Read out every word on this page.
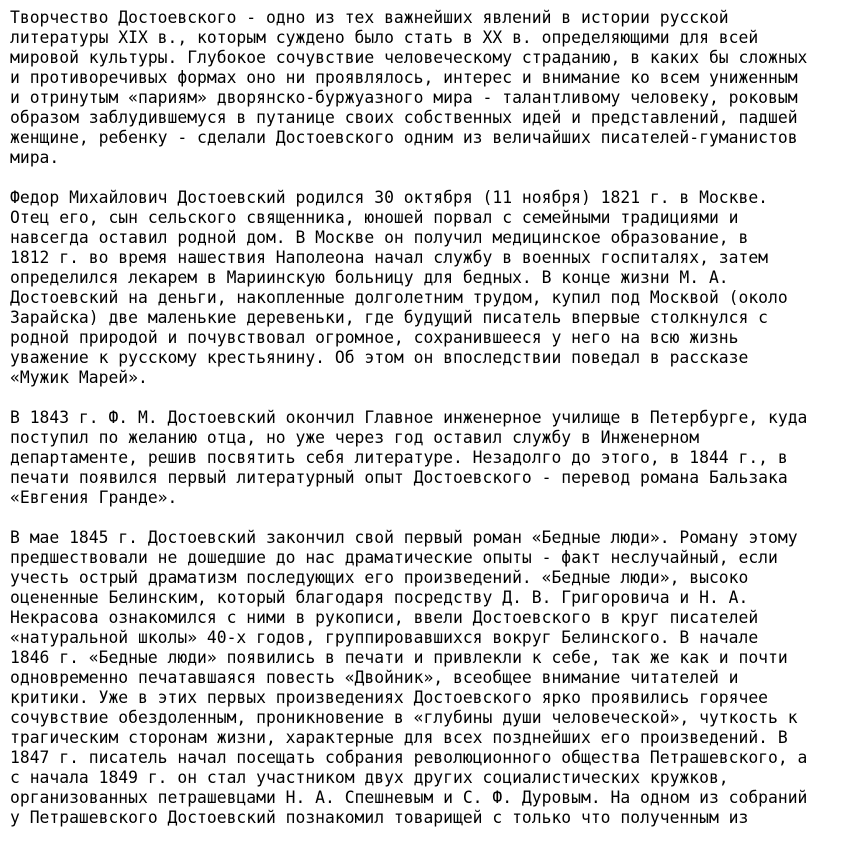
Творчество Достоевского - одно из тех важнейших явлений в истории русской
литературы XIX в., которым суждено было стать в XX в. определяющими для всей
мировой культуры. Глубокое сочувствие человеческому страданию, в каких бы сложных
и противоречивых формах оно ни проявлялось, интерес и внимание ко всем униженным
и отринутым «париям» дворянско-буржуазного мира - талантливому человеку, роковым
образом заблудившемуся в путанице своих собственных идей и представлений, падшей
женщине, ребенку - сделали Достоевского одним из величайших писателей-гуманистов
мира.
Федор Михайлович Достоевский родился 30 октября (11 ноября) 1821 г. в Москве.
Отец его, сын сельского священника, юношей порвал с семейными традициями и
навсегда оставил родной дом. В Москве он получил медицинское образование, в
1812 г. во время нашествия Наполеона начал службу в военных госпиталях, затем
определился лекарем в Мариинскую больницу для бедных. В конце жизни М. А.
Достоевский на деньги, накопленные долголетним трудом, купил под Москвой (около
Зарайска) две маленькие деревеньки, где будущий писатель впервые столкнулся с
родной природой и почувствовал огромное, сохранившееся у него на всю жизнь
уважение к русскому крестьянину. Об этом он впоследствии поведал в рассказе
«Мужик Марей».
В 1843 г. Ф. М. Достоевский окончил Главное инженерное училище в Петербурге, куда
поступил по желанию отца, но уже через год оставил службу в Инженерном
департаменте, решив посвятить себя литературе. Незадолго до этого, в 1844 г., в
печати появился первый литературный опыт Достоевского - перевод романа Бальзака
«Евгения Гранде».
В мае 1845 г. Достоевский закончил свой первый роман «Бедные люди». Роману этому
предшествовали не дошедшие до нас драматические опыты - факт неслучайный, если
учесть острый драматизм последующих его произведений. «Бедные люди», высоко
оцененные Белинским, который благодаря посредству Д. В. Григоровича и Н. А.
Некрасова ознакомился с ними в рукописи, ввели Достоевского в круг писателей
«натуральной школы» 40-х годов, группировавшихся вокруг Белинского. В начале
1846 г. «Бедные люди» появились в печати и привлекли к себе, так же как и почти
одновременно печатавшаяся повесть «Двойник», всеобщее внимание читателей и
критики. Уже в этих первых произведениях Достоевского ярко проявились горячее
сочувствие обездоленным, проникновение в «глубины души человеческой», чуткость к
трагическим сторонам жизни, характерные для всех позднейших его произведений. В
1847 г. писатель начал посещать собрания революционного общества Петрашевского, а
с начала 1849 г. он стал участником двух других социалистических кружков,
организованных петрашевцами Н. А. Спешневым и С. Ф. Дуровым. На одном из собраний
у Петрашевского Достоевский познакомил товарищей с только что полученным из
